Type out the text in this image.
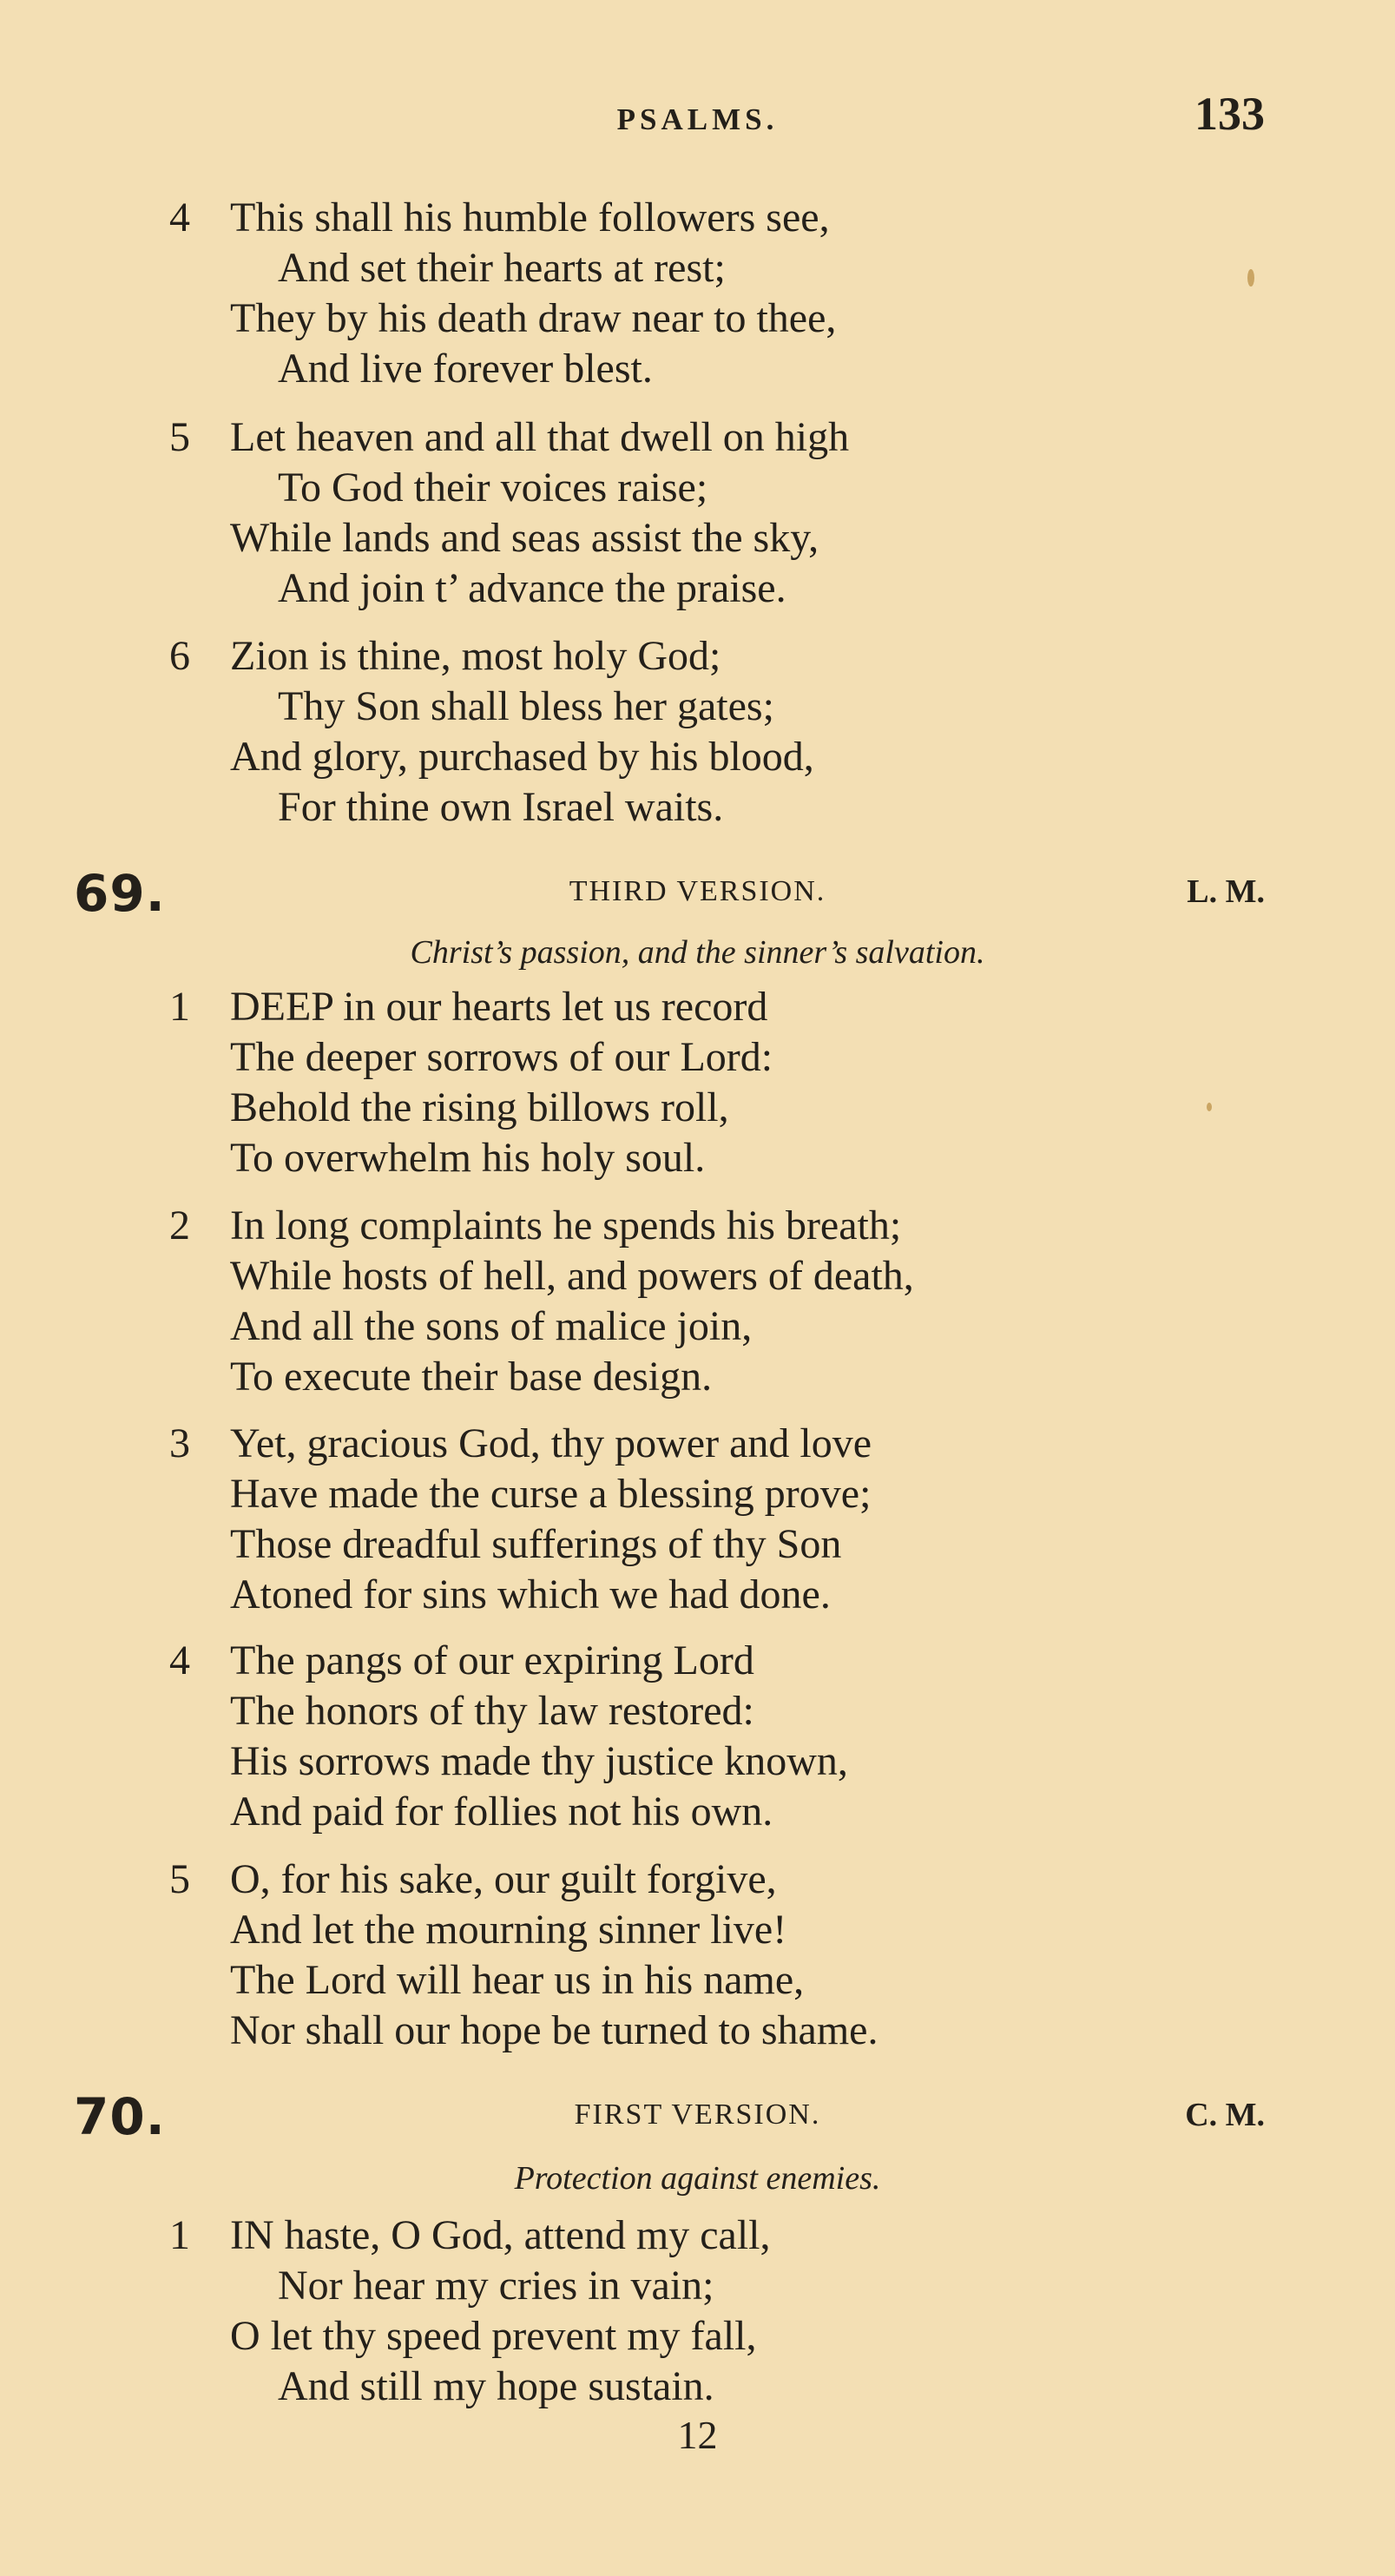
PSALMS.	133
4 This shall his humble followers see,
And set their hearts at rest;
They by his death draw near to thee,
And live forever blest.
5 Let heaven and all that dwell on high
To God their voices raise;
While lands and seas assist the sky,
And join t’ advance the praise.
6 Zion is thine, most holy God;
Thy Son shall bless her gates;
And glory, purchased by his blood,
For thine own Israel waits.
69.	THIRD VERSION.	L. M.
Christ’s passion, and the sinner’s salvation.
1 DEEP in our hearts let us record
The deeper sorrows of our Lord:
Behold the rising billows roll,
To overwhelm his holy soul.
2 In long complaints he spends his breath;
While hosts of hell, and powers of death,
And all the sons of malice join,
To execute their base design.
3 Yet, gracious God, thy power and love
Have made the curse a blessing prove;
Those dreadful sufferings of thy Son
Atoned for sins which we had done.
4 The pangs of our expiring Lord
The honors of thy law restored:
His sorrows made thy justice known,
And paid for follies not his own.
5 O, for his sake, our guilt forgive,
And let the mourning sinner live!
The Lord will hear us in his name,
Nor shall our hope be turned to shame.
70.	FIRST VERSION.	C. M.
Protection against enemies.
1 IN haste, O God, attend my call,
Nor hear my cries in vain;
O let thy speed prevent my fall,
And still my hope sustain.
12
